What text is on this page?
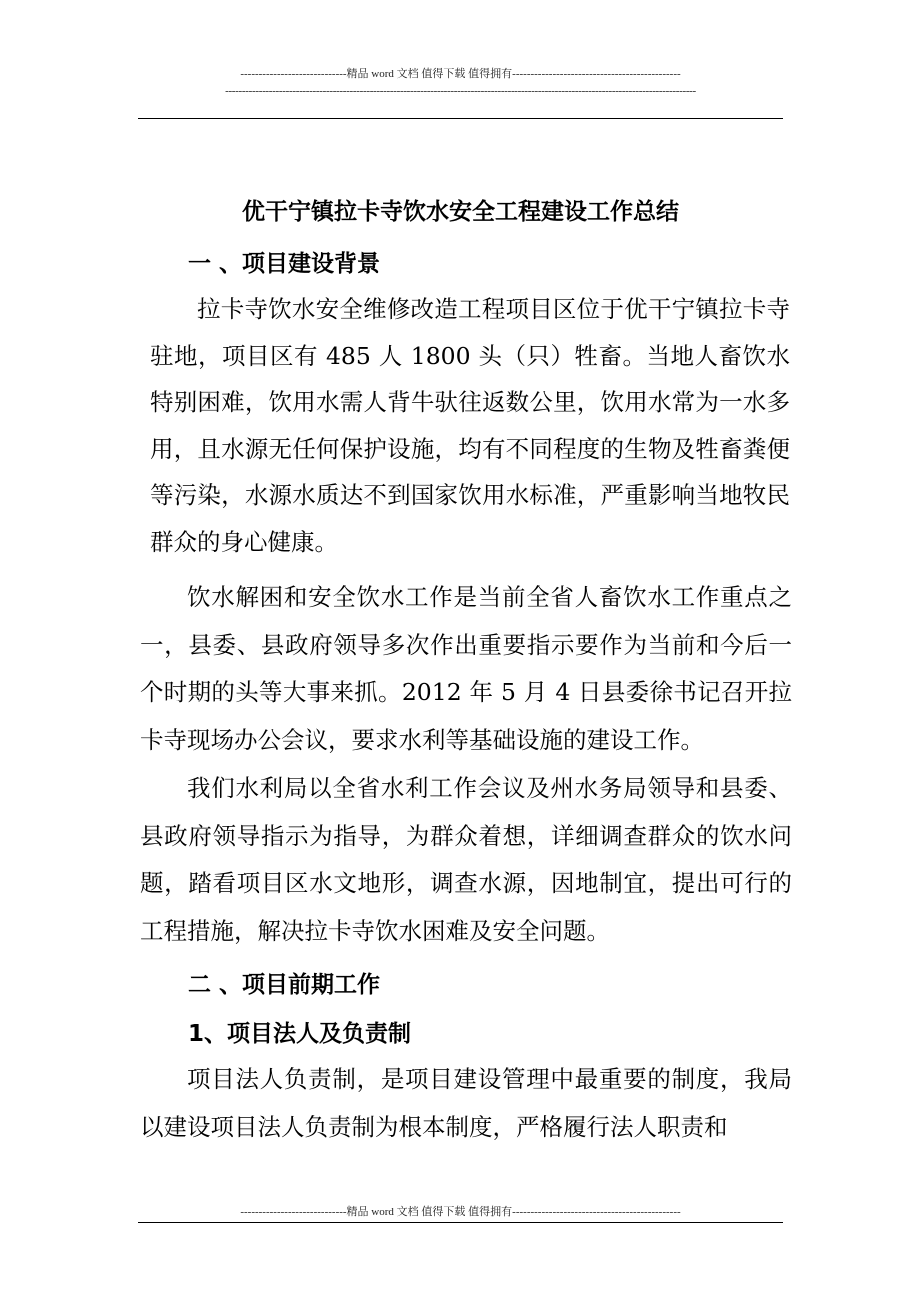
-----------------------------精品 word 文档 值得下载 值得拥有----------------------------------------------
--------------------------------------------------------------------------------------------------------------------------------------------
优干宁镇拉卡寺饮水安全工程建设工作总结
一 、项目建设背景

拉卡寺饮水安全维修改造工程项目区位于优干宁镇拉卡寺驻地，项目区有 485 人 1800 头（只）牲畜。当地人畜饮水特别困难，饮用水需人背牛驮往返数公里，饮用水常为一水多用，且水源无任何保护设施，均有不同程度的生物及牲畜粪便等污染，水源水质达不到国家饮用水标准，严重影响当地牧民群众的身心健康。

饮水解困和安全饮水工作是当前全省人畜饮水工作重点之一，县委、县政府领导多次作出重要指示要作为当前和今后一个时期的头等大事来抓。2012 年 5 月 4 日县委徐书记召开拉卡寺现场办公会议，要求水利等基础设施的建设工作。

我们水利局以全省水利工作会议及州水务局领导和县委、县政府领导指示为指导，为群众着想，详细调查群众的饮水问题，踏看项目区水文地形，调查水源，因地制宜，提出可行的工程措施，解决拉卡寺饮水困难及安全问题。

二 、项目前期工作
1、项目法人及负责制

项目法人负责制，是项目建设管理中最重要的制度，我局以建设项目法人负责制为根本制度，严格履行法人职责和

-----------------------------精品 word 文档 值得下载 值得拥有----------------------------------------------
